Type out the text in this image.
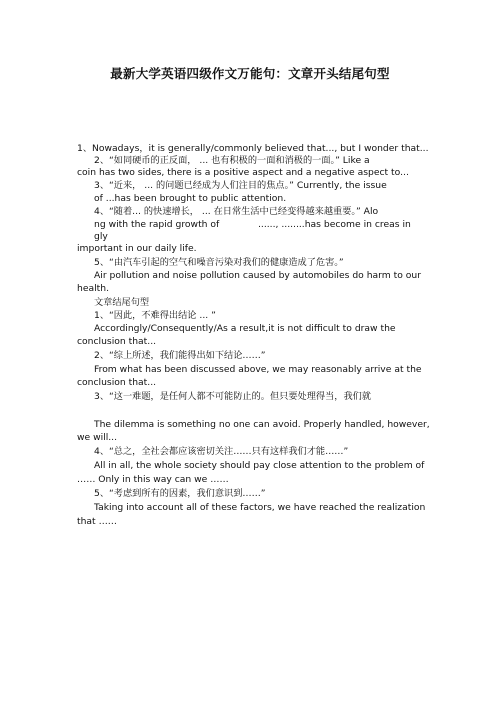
最新大学英语四级作文万能句：文章开头结尾句型
1、Nowadays，it is generally/commonly believed that..., but I wonder that...
2、“如同硬币的正反面， ... 也有积极的一面和消极的一面。” Like a
coin has two sides, there is a positive aspect and a negative aspect to...
3、“近来， ... 的问题已经成为人们注目的焦点。” Currently, the issue
of ...has been brought to public attention.
4、“随着... 的快速增长， ... 在日常生活中已经变得越来越重要。” Alo
ng with the rapid growth of	......, ........has become in creas in
gly
important in our daily life.
5、“由汽车引起的空气和噪音污染对我们的健康造成了危害。”
Air pollution and noise pollution caused by automobiles do harm to our
health.
文章结尾句型
1、“因此，不难得出结论 ... ”
Accordingly/Consequently/As a result,it is not difficult to draw the
conclusion that...
2、“综上所述，我们能得出如下结论……”
From what has been discussed above, we may reasonably arrive at the
conclusion that...
3、“这一难题，是任何人都不可能防止的。但只要处理得当，我们就
The dilemma is something no one can avoid. Properly handled, however,
we will...
4、“总之，全社会都应该密切关注……只有这样我们才能……”
All in all, the whole society should pay close attention to the problem of
…… Only in this way can we ……
5、“考虑到所有的因素，我们意识到……”
Taking into account all of these factors, we have reached the realization
that ……
